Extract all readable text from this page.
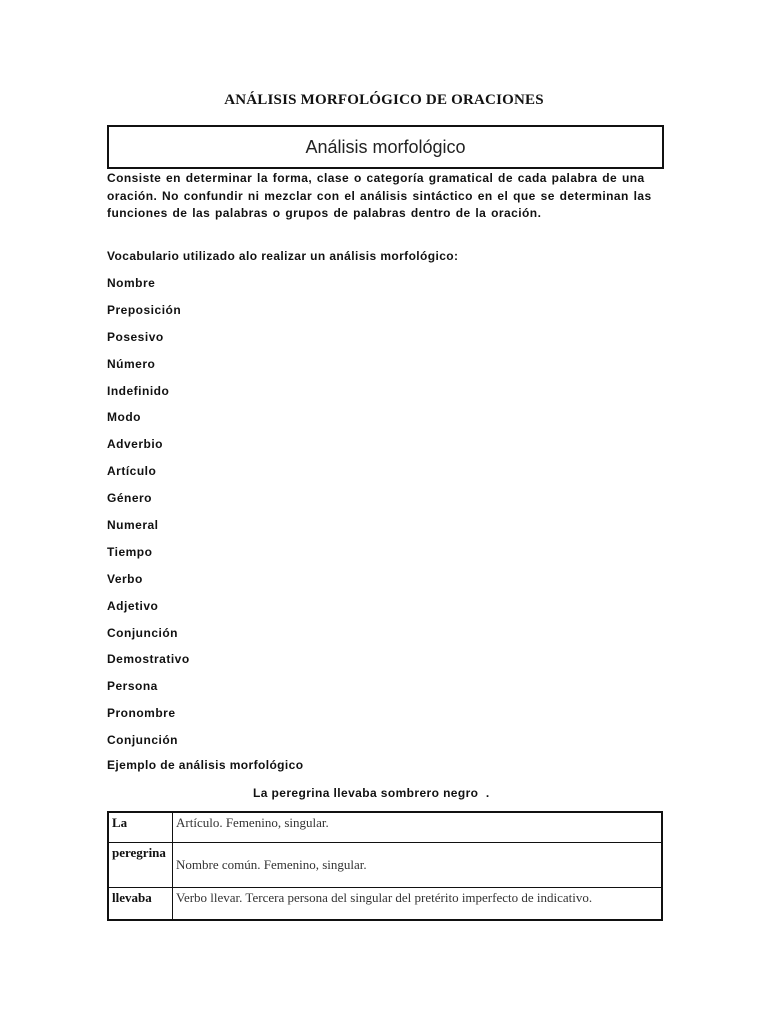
ANÁLISIS MORFOLÓGICO DE ORACIONES
Análisis morfológico
Consiste en determinar la forma, clase o categoría gramatical de cada palabra de una oración. No confundir ni mezclar con el análisis sintáctico en el que se determinan las funciones de las palabras o grupos de palabras dentro de la oración.
Vocabulario utilizado alo realizar un análisis morfológico:
Nombre
Preposición
Posesivo
Número
Indefinido
Modo
Adverbio
Artículo
Género
Numeral
Tiempo
Verbo
Adjetivo
Conjunción
Demostrativo
Persona
Pronombre
Conjunción
Ejemplo de análisis morfológico
La peregrina llevaba sombrero negro  .
La	Artículo. Femenino, singular.
peregrina	Nombre común. Femenino, singular.
llevaba	Verbo llevar. Tercera persona del singular del pretérito imperfecto de indicativo.
